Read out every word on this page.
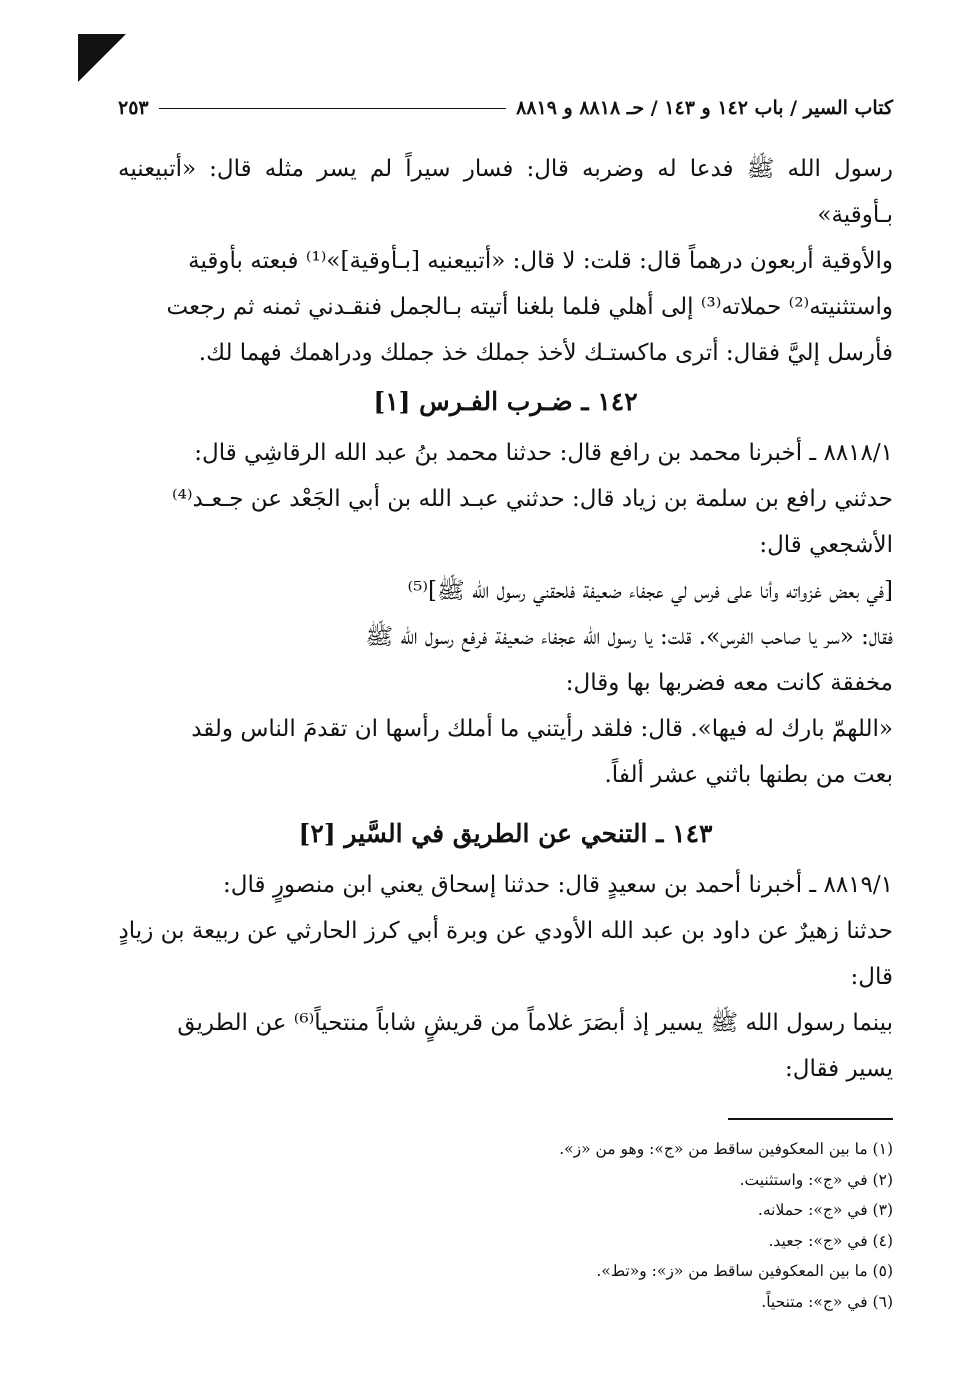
كتاب السير / باب ١٤٢ و ١٤٣ / حـ ٨٨١٨ و ٨٨١٩
٢٥٣

رسول الله ﷺ فدعا له وضربه قال: فسار سيراً لم يسر مثله قال: «أتبيعنيه بـأوقية»
والأوقية أربعون درهماً قال: قلت: لا قال: «أتبيعنيه [بـأوقية]»⁽¹⁾ فبعته بأوقية
واستثنيته⁽²⁾ حملاته⁽³⁾ إلى أهلي فلما بلغنا أتيته بـالجمل فنقـدني ثمنه ثم رجعت
فأرسل إليَّ فقال: أترى ماكستـك لأخذ جملك خذ جملك ودراهمك فهما لك.

١٤٢ ـ ضـرب الفـرس [١]

٨٨١٨/١ ـ أخبرنا محمد بن رافع قال: حدثنا محمد بنُ عبد الله الرقاشِي قال:
حدثني رافع بن سلمة بن زياد قال: حدثني عبـد الله بن أبي الجَعْد عن جـعـد⁽⁴⁾
الأشجعي قال:

[في بعض غزواته وأنا على فرس لي عجفاء ضعيفة فلحقني رسول الله ﷺ]⁽⁵⁾
فقال: «سر يا صاحب الفرس». قلت: يا رسول الله عجفاء ضعيفة فرفع رسول الله ﷺ
مخفقة كانت معه فضربها بها وقال:

«اللهمّ بارك له فيها». قال: فلقد رأيتني ما أملك رأسها ان تقدمَ الناس ولقد
بعت من بطنها باثني عشر ألفاً.

١٤٣ ـ التنحي عن الطريق في السَّير [٢]

٨٨١٩/١ ـ أخبرنا أحمد بن سعيدٍ قال: حدثنا إسحاق يعني ابن منصورٍ قال:
حدثنا زهيرٌ عن داود بن عبد الله الأودي عن وبرة أبي كرز الحارثي عن ربيعة بن زيادٍ
قال:

بينما رسول الله ﷺ يسير إذ أبصَرَ غلاماً من قريشٍ شاباً منتحياً⁽⁶⁾ عن الطريق
يسير فقال:

(١) ما بين المعكوفين ساقط من «ج»: وهو من «ز».

(٢) في «ج»: واستثنيت.

(٣) في «ج»: حملانه.

(٤) في «ج»: جعيد.

(٥) ما بين المعكوفين ساقط من «ز»: و«تط».

(٦) في «ج»: متنحياً.
